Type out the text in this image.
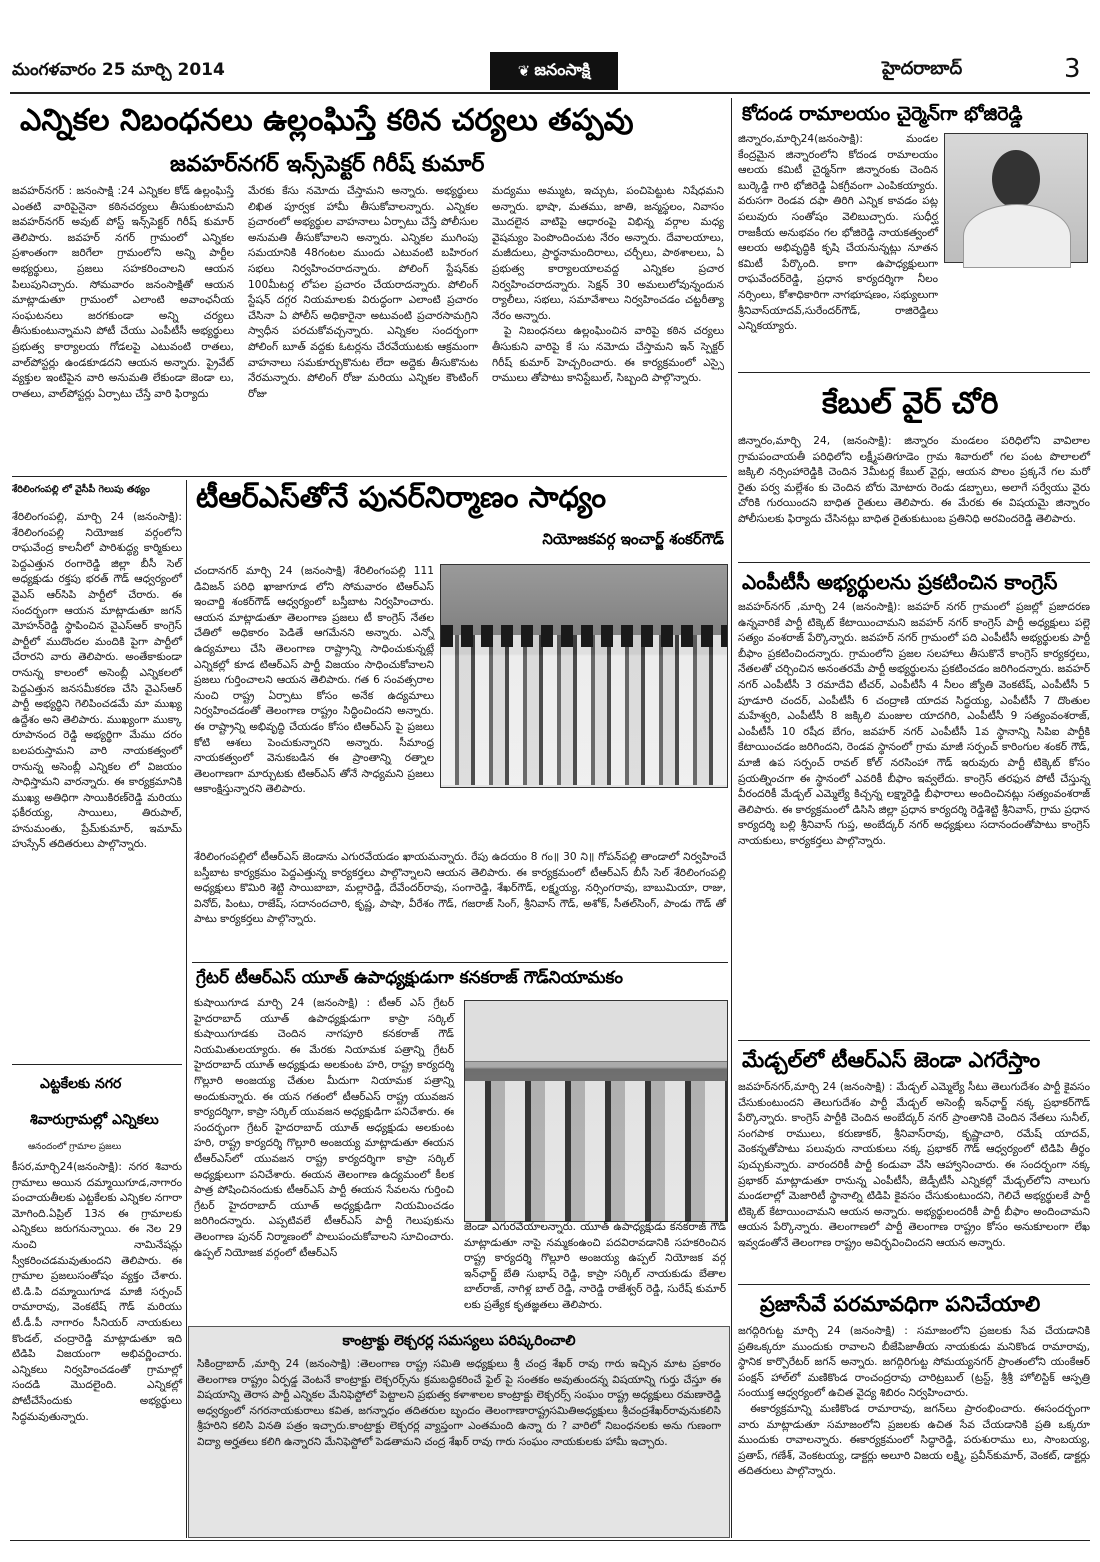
మంగళవారం 25 మార్చి 2014	❦ జనంసాక్షి	హైదరాబాద్	3
ఎన్నికల నిబంధనలు ఉల్లంఘిస్తే కఠిన చర్యలు తప్పవు
జవహర్‌నగర్ ఇన్స్‌పెక్టర్ గిరీష్ కుమార్
జవహర్‌నగర్ : జనంసాక్షి :24 ఎన్నికల కోడ్ ఉల్లంఘిస్తే ఎంతటి వారిపైనైనా కఠినచర్యలు తీసుకుంటామని జవహర్‌నగర్ అవుట్ పోస్ట్ ఇన్స్‌పెక్టర్ గిరీష్ కుమార్ తెలిపారు. జవహర్ నగర్ గ్రామంలో ఎన్నికల ప్రశాంతంగా జరిగేలా గ్రామంలోని అన్ని పార్టీల అభ్యర్థులు, ప్రజలు సహకరించాలని ఆయన పిలుపునిచ్చారు. సోమవారం జనంసాక్షితో ఆయన మాట్లాడుతూ గ్రామంలో ఎలాంటి అవాంఛనీయ సంఘటనలు జరగకుండా అన్ని చర్యలు తీసుకుంటున్నామని పోటీ చేయు ఎంపీటీసీ అభ్యర్థులు ప్రభుత్వ కార్యాలయ గోడలపై ఎటువంటి రాతలు, వాల్‌పోస్టర్లు ఉండకూడదని ఆయన అన్నారు. ప్రైవేట్ వ్యక్తుల ఇంటిపైన వారి అనుమతి లేకుండా జెండా లు, రాతలు, వాల్‌పోస్టర్లు ఏర్పాటు చేస్తే వారి ఫిర్యాదు
మేరకు కేసు నమోదు చేస్తామని అన్నారు. అభ్యర్థులు లిఖిత పూర్వక హామీ తీసుకోవాలన్నారు. ఎన్నికల ప్రచారంలో అభ్యర్థుల వాహనాలు ఏర్పాటు చేస్తే పోలీసుల అనుమతి తీసుకోవాలని అన్నారు. ఎన్నికల ముగింపు సమయానికి 48గంటల ముందు ఎటువంటి బహిరంగ సభలు నిర్వహించరాదన్నారు. పోలింగ్ స్టేషన్‌కు 100మీటర్ల లోపల ప్రచారం చేయరాదన్నారు. పోలింగ్ స్టేషన్ దగ్గర నియమాలకు విరుద్ధంగా ఎలాంటి ప్రచారం చేసినా ఏ పోలీస్ అధికారైనా అటువంటి ప్రచారసామగ్రిని స్వాధీన పరచుకోవచ్చన్నారు. ఎన్నికల సందర్భంగా పోలింగ్ బూత్ వద్దకు ఓటర్లను చేరవేయుటకు ఆక్రమంగా వాహనాలు సమకూర్చుకొనుట లేదా అద్దెకు తీసుకొనుట నేరమన్నారు. పోలింగ్ రోజు మరియు ఎన్నికల కౌంటింగ్ రోజు

మద్యము అమ్ముట, ఇచ్చుట, పంచిపెట్టుట నిషేధమని అన్నారు. భాషా, మతము, జాతి, జన్మస్థలం, నివాసం మొదలైన వాటిపై ఆధారంపై విభిన్న వర్గాల మధ్య వైషమ్యం పెంపొందించుట నేరం అన్నారు. దేవాలయాలు, మజీదులు, ప్రార్థనామందిరాలు, చర్చీలు, పాఠశాలలు, ఏ ప్రభుత్వ కార్యాలయాలవద్ద ఎన్నికల ప్రచార నిర్వహించరాదన్నారు. సెక్షన్ 30 అమలులోవున్నందున ర్యాలీలు, సభలు, సమావేశాలు నిర్వహించడం చట్టరీత్యా నేరం అన్నారు.

పై నిబంధనలు ఉల్లంఘించిన వారిపై కఠిన చర్యలు తీసుకుని వారిపై కే సు నమోదు చేస్తామని ఇన్ స్పెక్టర్ గిరీష్ కుమార్ హెచ్చరించారు. ఈ కార్యక్రమంలో ఎస్సై రాములు తోపాటు కానిస్టేబుల్, సిబ్బంది పాల్గొన్నారు.

కోదండ రామాలయం చైర్మెన్‌గా భోజిరెడ్డి

జిన్నారం,మార్చి24(జనంసాక్షి): మండల కేంద్రమైన జిన్నారంలోని కోదండ రామాలయం ఆలయ కమిటీ చైర్మన్‌గా జిన్నారంకు చెందిన బుర్కెడ్డి గారి భోజిరెడ్డి ఏకగ్రీవంగా ఎంపికయ్యారు. వరుసగా రెండవ దఫా తిరిగి ఎన్నిక కావడం పట్ల పలువురు సంతోషం వెలిబుచ్చారు. సుధీర్ఘ రాజకీయ అనుభవం గల భోజిరెడ్డి నాయకత్వంలో ఆలయ అభివృద్ధికి కృషి చేయనున్నట్లు నూతన కమిటీ పేర్కొంది. కాగా ఉపాధ్యక్షులుగా రాఘవేందర్‌రెడ్డి, ప్రధాన కార్యదర్శిగా నీలం నర్సింలు, కోశాధికారిగా నాగభూషణం, సభ్యులుగా శ్రీనివాస్‌యాదవ్,సురేందర్‌గౌడ్, రాజిరెడ్డిలు ఎన్నికయ్యారు.

కేబుల్ వైర్ చోరి
జిన్నారం,మార్చి 24, (జనంసాక్షి): జిన్నారం మండలం పరిధిలోని వావిలాల గ్రామపంచాయతీ పరిధిలోని లక్ష్మీపతిగూడెం గ్రామ శివారులో గల పంట పొలాలలో జక్కిలి నర్సింహారెడ్డికి చెందిన 3మీటర్ల కేబుల్ వైర్లు, ఆయన పొలం ప్రక్కనే గల మరో రైతు పర్వ మల్లేశం కు చెందిన బోరు మోటారు రెండు డబ్బాలు, అలాగే సర్వేయు వైరు చోరికి గురయిందని బాధిత రైతులు తెలిపారు. ఈ మేరకు ఈ విషయమై జిన్నారం పోలీసులకు ఫిర్యాదు చేసినట్లు బాధిత రైతుకుటుంబ ప్రతినిధి అరవిందరెడ్డి తెలిపారు.
ఎంపీటీసీ అభ్యర్థులను ప్రకటించిన కాంగ్రెస్
జవహర్‌నగర్ ,మార్చి 24 (జనంసాక్షి): జవహర్ నగర్ గ్రామంలో ప్రజల్లో ప్రజాదరణ ఉన్నవారికే పార్టీ టిక్కెట్ కేటాయించామని జవహర్ నగర్ కాంగ్రెస్ పార్టీ అధ్యక్షులు పల్లె సత్యం వంశరాజ్ పేర్కొన్నారు. జవహర్ నగర్ గ్రామంలో పది ఎంపీటీసీ అభ్యర్థులకు పార్టీ బీఫాం ప్రకటించిందన్నారు. గ్రామంలోని ప్రజల సలహాలు తీసుకొనే కాంగ్రెస్ కార్యకర్తలు, నేతలతో చర్చించిన అనంతరమే పార్టీ అభ్యర్థులను ప్రకటించడం జరిగిందన్నారు. జవహర్ నగర్ ఎంపీటీసీ 3 రమాదేవి టీచర్, ఎంపీటీసీ 4 నీలం జ్యోతి వెంకటేష్, ఎంపీటీసీ 5 పూడూరి చందర్, ఎంపీటీసీ 6 చంద్రాణి యాదవ సిద్ధయ్య, ఎంపీటీసీ 7 దొంతుల మహేశ్వరి, ఎంపీటీసీ 8 జక్కిలి మంజుల యాదగిరి, ఎంపీటీసీ 9 సత్యంవంశరాజ్, ఎంపీటీసీ 10 రషీద బేగం, జవహర్ నగర్ ఎంపీటీసీ 1వ స్థానాన్ని సిపిఐ పార్టీకి కేటాయించడం జరిగిందని, రెండవ స్థానంలో గ్రామ మాజీ సర్పంచ్ కారింగుల శంకర్ గౌడ్, మాజీ ఉప సర్పంచ్ రావల్ కోల్ నరసింహా గౌడ్ ఇరువురు పార్టీ టిక్కెట్ కోసం ప్రయత్నించగా ఈ స్థానంలో ఎవరికీ బీఫాం ఇవ్వలేదు. కాంగ్రెస్ తరఫున పోటీ చేస్తున్న వీరందరికీ మేడ్చల్ ఎమ్మెల్యే కిచ్చన్న లక్ష్మారెడ్డి బీఫారాలు అందించినట్లు సత్యంవంశరాజ్ తెలిపారు. ఈ కార్యక్రమంలో డిసిసి జిల్లా ప్రధాన కార్యదర్శి రెడ్డిశెట్టి శ్రీనివాస్, గ్రామ ప్రధాన కార్యదర్శి బల్లి శ్రీనివాస్ గుప్త, అంబేద్కర్ నగర్ అధ్యక్షులు సదానందంతోపాటు కాంగ్రెస్ నాయకులు, కార్యకర్తలు పాల్గొన్నారు.
మేడ్చల్‌లో టీఆర్ఎస్ జెండా ఎగరేస్తాం
జవహర్‌నగర్,మార్చి 24 (జనంసాక్షి) : మేడ్చల్ ఎమ్మెల్యే సీటు తెలుగుదేశం పార్టీ కైవసం చేసుకుంటుందని తెలుగుదేశం పార్టీ మేడ్చల్ అసెంబ్లీ ఇన్‌ఛార్జ్ నక్క ప్రభాకర్‌గౌడ్ పేర్కొన్నారు. కాంగ్రెస్ పార్టీకి చెందిన అంబేద్కర్ నగర్ ప్రాంతానికి చెందిన నేతలు సునీల్, సంగపాక రాములు, కరుణాకర్, శ్రీనివాస్‌రావు, కృష్ణాచారి, రమేష్ యాదవ్, వెంకన్నతోపాటు పలువురు నాయకులు నక్క ప్రభాకర్ గౌడ్ ఆధ్వర్యంలో టిడిపి తీర్థం పుచ్చుకున్నారు. వారందరికీ పార్టీ కండువా వేసి ఆహ్వానించారు. ఈ సందర్భంగా నక్క ప్రభాకర్ మాట్లాడుతూ రానున్న ఎంపీటీసీ, జెడ్పీటీసీ ఎన్నికల్లో మేడ్చల్‌లోని నాలుగు మండలాల్లో మెజారిటీ స్థానాల్ని టిడిపి కైవసం చేసుకుంటుందని, గెలిచే అభ్యర్థులకే పార్టీ టిక్కెట్ కేటాయించామని ఆయన అన్నారు. అభ్యర్థులందరికీ పార్టీ బీఫాం అందించామని ఆయన పేర్కొన్నారు. తెలంగాణలో పార్టీ తెలంగాణ రాష్ట్రం కోసం అనుకూలంగా లేఖ ఇవ్వడంతోనే తెలంగాణ రాష్ట్రం అవిర్భవించిందని ఆయన అన్నారు.
ప్రజాసేవే పరమావధిగా పనిచేయాలి

జగద్గిరిగుట్ట మార్చి 24 (జనంసాక్షి) : సమాజంలోని ప్రజలకు సేవ చేయడానికి ప్రతిఒక్కరూ ముందుకు రావాలని బీజేపిజాతీయ నాయకుడు మనికొండ రామారావు, స్థానిక కార్పొరేటర్ జగన్ అన్నారు. జగద్గిరిగుట్ట సోమయ్యనగర్ ప్రాంతంలోని యంకేఆర్ పంక్షన్ హాల్‌లో మణికొండ రాంచంద్రరావు చారిట్రబుల్ (ట్రస్ట్, శ్రీశ్రీ హోలిస్టిక్ ఆస్పత్రి సంయుక్త ఆధ్వర్యంలో ఉచిత వైద్య శిబిరం నిర్వహించారు.

ఈకార్యక్రమాన్ని మణికొండ రామారావు, జగన్‌లు ప్రారంభించారు. ఈసందర్భంగా వారు మాట్లాడుతూ సమాజంలోని ప్రజలకు ఉచిత సేవ చేయడానికి ప్రతి ఒక్కరూ ముందుకు రావాలన్నారు. ఈకార్యక్రమంలో సిద్ధారెడ్డి, పరుశురాము లు, సాంబయ్య, ప్రతాప్, గణేశ్, వెంకటయ్య, డాక్టర్లు అలూరి విజయ లక్ష్మి, ప్రవీన్‌కుమార్, వెంకట్, డాక్టర్లు తదితరులు పాల్గొన్నారు.

శేరిలింగంపల్లి లో వైసీపీ గెలుపు తథ్యం
శేరిలింగంపల్లి, మార్చి 24 (జనంసాక్షి): శేరిలింగంపల్లి నియోజక వర్గంలోని రాఘవేంద్ర కాలనీలో పారిశుద్ధ్య కార్మికులు పెద్దఎత్తున రంగారెడ్డి జిల్లా బీసీ సెల్ అధ్యక్షుడు రక్తపు భరత్ గౌడ్ ఆధ్వర్యంలో వైఎస్ ఆర్‌సిపి పార్టీలో చేరారు. ఈ సందర్భంగా ఆయన మాట్లాడుతూ జగన్ మోహన్‌రెడ్డి స్థాపించిన వైఎస్ఆర్ కాంగ్రెస్ పార్టీలో ముదొందల మందికి పైగా పార్టీలో చేరారని వారు తెలిపారు. అంతేకాకుండా రానున్న కాలంలో అసెంబ్లీ ఎన్నికలలో పెద్దఎత్తున జనసమీకరణ చేసి వైఎస్ఆర్ పార్టీ అభ్యర్థిని గెలిపించడమే మా ముఖ్య ఉద్దేశం అని తెలిపారు. ముఖ్యంగా ముక్కా రూపానంద రెడ్డి అభ్యర్థిగా మేము దరం బలపరుస్తామని వారి నాయకత్వంలో రానున్న అసెంబ్లీ ఎన్నికల లో విజయం సాధిస్తామని వారన్నారు. ఈ కార్యక్రమానికి ముఖ్య అతిధిగా సాయికిరణ్‌రెడ్డి మరియు ఫకీరయ్య, సాయిలు, తిరుపాల్, హనుమంతు, ప్రేమ్‌కుమార్, ఇమామ్ హుస్సేన్ తదితరులు పాల్గొన్నారు.
ఎట్టకేలకు నగర
శివారుగ్రామల్లో ఎన్నికలు
ఆనందంలో గ్రామాల ప్రజలు
కీసర,మార్చి24(జనంసాక్షి): నగర శివారు గ్రామాలు అయిన దమ్మాయిగూడ,నాగారం పంచాయతీలకు ఎట్టకేలకు ఎన్నికల నగారా మోగింది.ఏప్రిల్ 13న ఈ గ్రామాలకు ఎన్నికలు జరుగనున్నాయి. ఈ నెల 29 నుంచి నామినేషన్లు స్వీకరించడమవుతుందని తెలిపారు. ఈ గ్రామాల ప్రజలుసంతోషం వ్యక్తం చేశారు. టి.డి.పి దమ్మాయిగూడ మాజీ సర్పంచ్ రామారావు, వెంకటేష్ గౌడ్ మరియు టీ.డీ.పీ నాగారం సీనియర్ నాయకులు కొండల్, చంద్రారెడ్డి మాట్లాడుతూ ఇది టిడిపి విజయంగా అభివర్ణించారు. ఎన్నికలు నిర్వహించడంతో గ్రామాల్లో సందడి మొదలైంది. ఎన్నికల్లో పోటీచేసేందుకు అభ్యర్థులు సిద్ధమవుతున్నారు.
టీఆర్ఎస్‌తోనే పునర్‌నిర్మాణం సాధ్యం
నియోజకవర్గ ఇంచార్జ్ శంకర్‌గౌడ్
చందానగర్ మార్చి 24 (జనంసాక్షి) శేరిలింగంపల్లి 111 డివిజన్ పరిధి ఖాజాగూడ లోని సోమవారం టిఆర్ఎస్ ఇంచార్జి శంకర్‌గౌడ్ ఆధ్వర్యంలో బస్తీబాట నిర్వహించారు. ఆయన మాట్లాడుతూ తెలంగాణ ప్రజలు టీ కాంగ్రెస్ నేతల చేతిలో అధికారం పెడితే ఆగమేనని అన్నారు. ఎన్నో ఉద్యమాలు చేసి తెలంగాణ రాష్ట్రాన్ని సాధించుకున్నట్లే ఎన్నికల్లో కూడ టిఆర్ఎస్ పార్టీ విజయం సాధించుకోవాలని ప్రజలు గుర్తించాలని ఆయన తెలిపారు. గత 6 సంవత్సరాల నుంచి రాష్ట్ర ఏర్పాటు కోసం అనేక ఉద్యమాలు నిర్వహించడంతో తెలంగాణ రాష్ట్రం సిద్ధించిందని అన్నారు. ఈ రాష్ట్రాన్ని అభివృద్ధి చేయడం కోసం టిఆర్ఎస్ పై ప్రజలు కోటి ఆశలు పెంచుకున్నారని అన్నారు. సీమాంధ్ర నాయకత్వంలో వెనుకబడిన ఈ ప్రాంతాన్ని రత్నాల తెలంగాణగా మార్చుటకు టిఆర్ఎస్ తోనే సాధ్యమని ప్రజలు ఆకాంక్షిస్తున్నారని తెలిపారు.
శేరిలింగంపల్లిలో టీఆర్ఎస్ జెండాను ఎగురవేయడం ఖాయమన్నారు. రేపు ఉదయం 8 గం॥ 30 ని॥ గోపన్‌పల్లి తాండాలో నిర్వహించే బస్తీబాట కార్యక్రమం పెద్దఎత్తున్న కార్యకర్తలు పాల్గొన్నాలని ఆయన తెలిపారు. ఈ కార్యక్రమంలో టీఆర్ఎస్ బీసీ సెల్ శేరిలింగంపల్లి అధ్యక్షులు కొమిరి శెట్టి సాయిబాబా, మల్లారెడ్డి, దేవేందర్‌రావు, సంగారెడ్డి, శేఖర్‌గౌడ్, లక్ష్మయ్య, నర్సింగరావు, బాబుమియా, రాజు, వినోద్, పింటు, రాజేష్, సదానందచారి, కృష్ణ, పాషా, వీరేశం గౌడ్, గజరాజ్ సింగ్, శ్రీనివాస్ గౌడ్, అశోక్, సీతల్‌సింగ్, పాండు గౌడ్ తో పాటు కార్యకర్తలు పాల్గొన్నారు.
గ్రేటర్ టీఆర్ఎస్ యూత్ ఉపాధ్యక్షుడుగా కనకరాజ్ గౌడ్‌నియామకం
కుషాయిగూడ మార్చి 24 (జనంసాక్షి) : టీఆర్ ఎస్ గ్రేటర్ హైదరాబాద్ యూత్ ఉపాధ్యక్షుడుగా కాప్రా సర్కిల్ కుషాయిగూడకు చెందిన నాగపూరి కనకరాజ్ గౌడ్ నియమితులయ్యారు. ఈ మేరకు నియామక పత్రాన్ని గ్రేటర్ హైదరాబాద్ యూత్ అధ్యక్షుడు అలకుంట హరి, రాష్ట్ర కార్యదర్శి గొల్లూరి అంజయ్య చేతుల మీదుగా నియామక పత్రాన్ని అందుకున్నారు. ఈ యన గతంలో టీఆర్ఎస్ రాష్ట్ర యువజన కార్యదర్శిగా, కాప్రా సర్కిల్ యువజన అధ్యక్షుడిగా పనిచేశారు. ఈ సందర్భంగా గ్రేటర్ హైదరాబాద్ యూత్ అధ్యక్షుడు అలకుంట హరి, రాష్ట్ర కార్యదర్శి గొల్లూరి అంజయ్య మాట్లాడుతూ ఈయన టీఆర్ఎస్‌లో యువజన రాష్ట్ర కార్యదర్శిగా కాప్రా సర్కిల్ అధ్యక్షులుగా పనిచేశారు. ఈయన తెలంగాణ ఉద్యమంలో కీలక పాత్ర పోషించినందుకు టీఆర్ఎస్ పార్టీ ఈయన సేవలను గుర్తించి గ్రేటర్ హైదరాబాద్ యూత్ అధ్యక్షుడిగా నియమించడం జరిగిందన్నారు. ఎప్పటివలే టీఆర్ఎస్ పార్టీ గెలుపుకును తెలంగాణ పునర్ నిర్మాణంలో పాలుపంచుకోవాలని సూచించారు. ఉప్పల్ నియోజక వర్గంలో టీఆర్ఎస్
జెండా ఎగురవేయాలన్నారు. యూత్ ఉపాధ్యక్షుడు కనకరాజ్ గౌడ్ మాట్లాడుతూ నాపై నమ్మకంఉంచి పదవిరావడానికి సహకరించిన రాష్ట్ర కార్యదర్శి గొల్లూరి అంజయ్య ఉప్పల్ నియోజక వర్గ ఇన్‌ఛార్జ్ బేతి సుభాష్ రెడ్డి, కాప్రా సర్కిల్ నాయకుడు బేతాల బాల్‌రాజ్, నాగిళ్ల బాల్ రెడ్డి, నారెడ్డి రాజేశ్వర్ రెడ్డి, సురేష్ కుమార్ లకు ప్రత్యేక కృతజ్ఞతలు తెలిపారు.
కాంట్రాక్టు లెక్చరర్ల సమస్యలు పరిష్కరించాలి
సికింద్రాబాద్ ,మార్చి 24 (జనంసాక్షి) :తెలంగాణ రాష్ట్ర సమితి అధ్యక్షులు శ్రీ చంద్ర శేఖర్ రావు గారు ఇచ్చిన మాట ప్రకారం తెలంగాణ రాష్ట్రం ఏర్పడ్డ వెంటనే కాంట్రాక్టు లెక్చరర్స్‌ను క్రమబద్ధికరించే ఫైల్ పై సంతకం అవుతుందన్న విషయాన్ని గుర్తు చేస్తూ ఈ విషయాన్ని తెరాస పార్టీ ఎన్నికల మేనిఫెస్టోలో పెట్టాలని ప్రభుత్వ కళాశాలల కాంట్రాక్టు లెక్చరర్స్ సంఘం రాష్ట్ర అధ్యక్షులు రమణారెడ్డి అధ్వర్యంలో నగరనాయకురాలు కవిత, జగన్నాధం తదితరుల బృందం తెలంగాణారాష్ట్రసమితిఅధ్యక్షులు శ్రీచంద్రశేఖర్‌రావునుకలిసి శ్రీహరిని కలిసి వినతి పత్రం ఇచ్చారు.కాంట్రాక్టు లెక్చరర్ల వ్యాప్తంగా ఎంతమంది ఉన్నా రు ? వారిలో నిబంధనలకు అను గుణంగా విద్యా అర్హతలు కలిగి ఉన్నారని మేనిఫెస్టోలో పెడతామని చంద్ర శేఖర్ రావు గారు సంఘం నాయకులకు హామీ ఇచ్చారు.
